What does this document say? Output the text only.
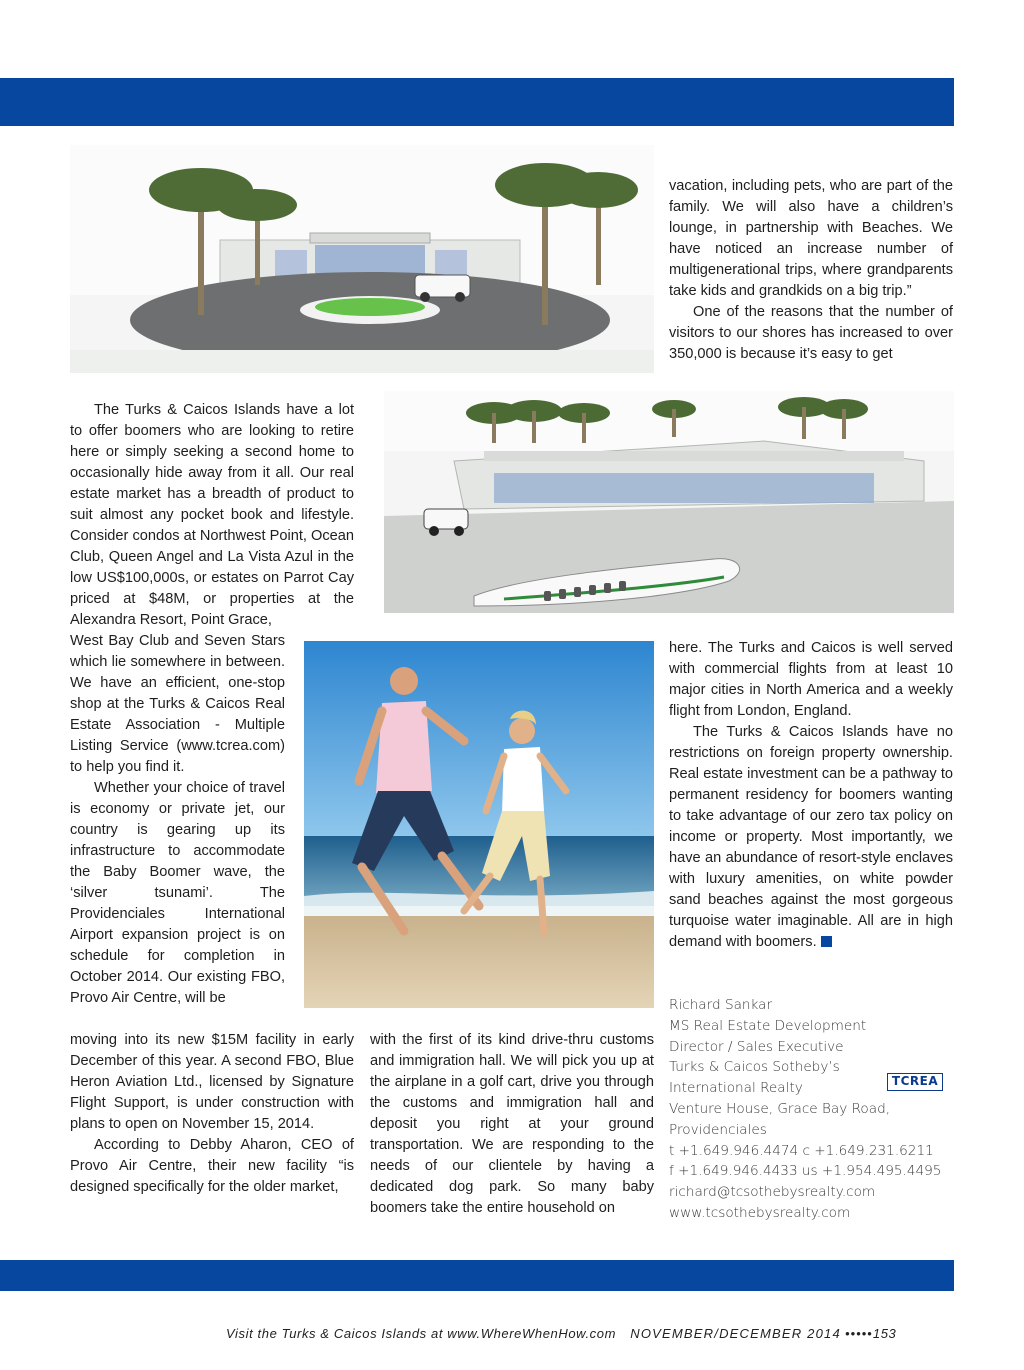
The Turks & Caicos Islands have a lot to offer boomers who are looking to retire here or simply seeking a second home to occasionally hide away from it all. Our real estate market has a breadth of product to suit almost any pocket book and lifestyle. Consider condos at Northwest Point, Ocean Club, Queen Angel and La Vista Azul in the low US$100,000s, or estates on Parrot Cay priced at $48M, or properties at the Alexandra Resort, Point Grace,

West Bay Club and Seven Stars which lie somewhere in between. We have an efficient, one-stop shop at the Turks & Caicos Real Estate Association - Multiple Listing Service (www.tcrea.com) to help you find it.

Whether your choice of travel is economy or private jet, our country is gearing up its infrastructure to accommodate the Baby Boomer wave, the ‘silver tsunami’. The Providenciales International Airport expansion project is on schedule for completion in October 2014. Our existing FBO, Provo Air Centre, will be

moving into its new $15M facility in early December of this year. A second FBO, Blue Heron Aviation Ltd., licensed by Signature Flight Support, is under construction with plans to open on November 15, 2014.

According to Debby Aharon, CEO of Provo Air Centre, their new facility “is designed specifically for the older market,

with the first of its kind drive-thru customs and immigration hall. We will pick you up at the airplane in a golf cart, drive you through the customs and immigration hall and deposit you right at your ground transportation. We are responding to the needs of our clientele by having a dedicated dog park. So many baby boomers take the entire household on

vacation, including pets, who are part of the family. We will also have a children’s lounge, in partnership with Beaches. We have noticed an increase number of multigenerational trips, where grandparents take kids and grandkids on a big trip.”

One of the reasons that the number of visitors to our shores has increased to over 350,000 is because it’s easy to get

here. The Turks and Caicos is well served with commercial flights from at least 10 major cities in North America and a weekly flight from London, England.

The Turks & Caicos Islands have no restrictions on foreign property ownership. Real estate investment can be a pathway to permanent residency for boomers wanting to take advantage of our zero tax policy on income or property. Most importantly, we have an abundance of resort-style enclaves with luxury amenities, on white powder sand beaches against the most gorgeous turquoise water imaginable. All are in high demand with boomers.

Richard Sankar
MS Real Estate Development
Director / Sales Executive
Turks & Caicos Sotheby’s
International Realty
Venture House, Grace Bay Road,
Providenciales
t +1.649.946.4474 c +1.649.231.6211
f +1.649.946.4433 us +1.954.495.4495
richard@tcsothebysrealty.com
www.tcsothebysrealty.com
TCREA
Visit the Turks & Caicos Islands at www.WhereWhenHow.com NOVEMBER/DECEMBER 2014 •••••153
